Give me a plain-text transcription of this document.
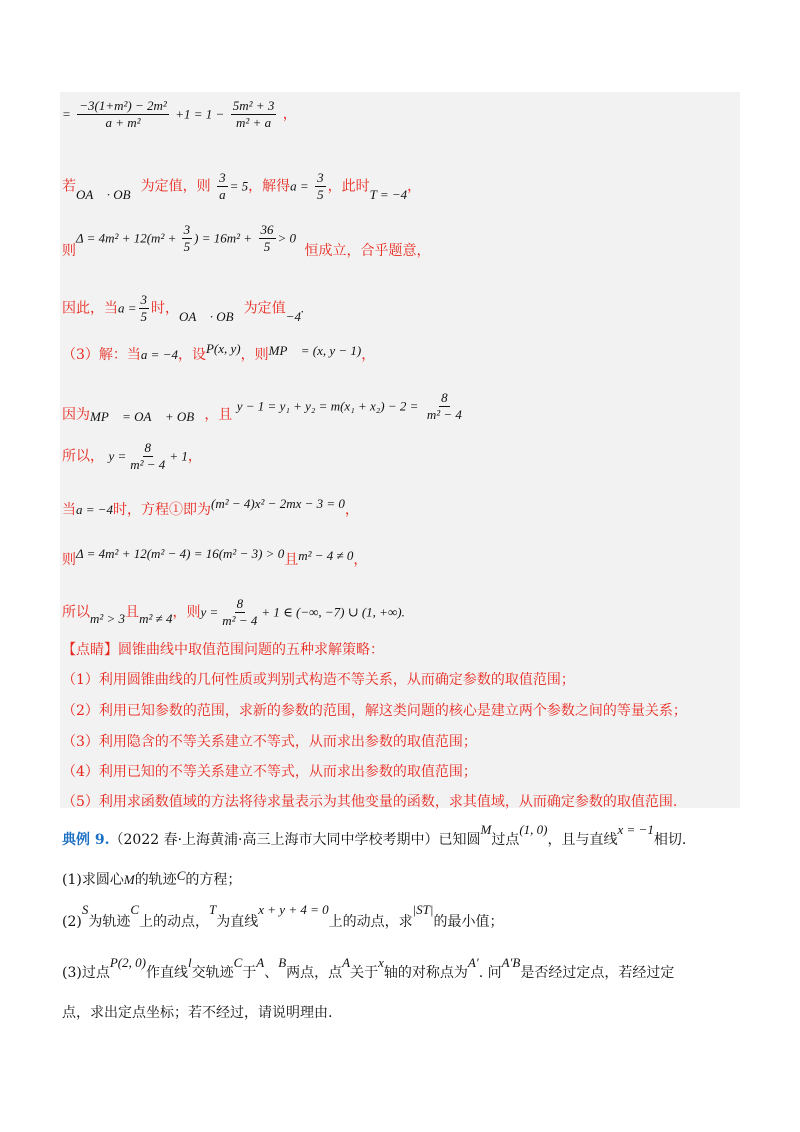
= $\frac{\text{−3(1+m²) − 2m²}}{\text{a + m²}} +1 = 1 - \frac{\text{5m² + 3}}{\text{m² + a}}$ ，
若OA⃗ · OB⃗为定值，则 $\frac{3}{a} = 5$，解得$a = \frac{3}{5}$ ，此时T = −4，
则$\Delta = 4m^2 + 12(m^2 + \frac{3}{5}$ ) = $16m^2 + \frac{36}{5} > 0$ 恒成立，合乎题意，
因此，当$a = \frac{3}{5}$ 时，OA⃗ · OB⃗为定值−4.
（3）解：当a = −4，设P(x, y)，则MP⃗ = (x, y − 1)，
因为MP⃗ = OA⃗ + OB⃗，且 $y - 1 = y_1 + y_2 = m(x_1 + x_2) - 2 = \frac{8}{\text{m² − 4}}$
所以， $y = \frac{8}{\text{m² − 4}} + 1$，
当a = −4时，方程①即为(m² − 4)x² − 2mx − 3 = 0，
则Δ = 4m² + 12(m² − 4) = 16(m² − 3) > 0且m² − 4 ≠ 0，
所以m² > 3且m² ≠ 4，则$y = \frac{8}{\text{m² − 4}} + 1$ ∈ (−∞, −7) ∪ (1, +∞).
【点睛】圆锥曲线中取值范围问题的五种求解策略：
（1）利用圆锥曲线的几何性质或判别式构造不等关系，从而确定参数的取值范围；
（2）利用已知参数的范围，求新的参数的范围，解这类问题的核心是建立两个参数之间的等量关系；
（3）利用隐含的不等关系建立不等式，从而求出参数的取值范围；
（4）利用已知的不等关系建立不等式，从而求出参数的取值范围；
（5）利用求函数值域的方法将待求量表示为其他变量的函数，求其值域，从而确定参数的取值范围.
典例 9.（2022 春·上海黄浦·高三上海市大同中学校考期中）已知圆M过点(1, 0)，且与直线x = −1相切.
(1)求圆心M的轨迹C的方程；
(2)S为轨迹C上的动点，T为直线x + y + 4 = 0上的动点，求|ST|的最小值；
(3)过点P(2, 0)作直线l交轨迹C于A、B两点，点A关于x轴的对称点为A′. 问A′B是否经过定点，若经过定
点，求出定点坐标；若不经过，请说明理由.
